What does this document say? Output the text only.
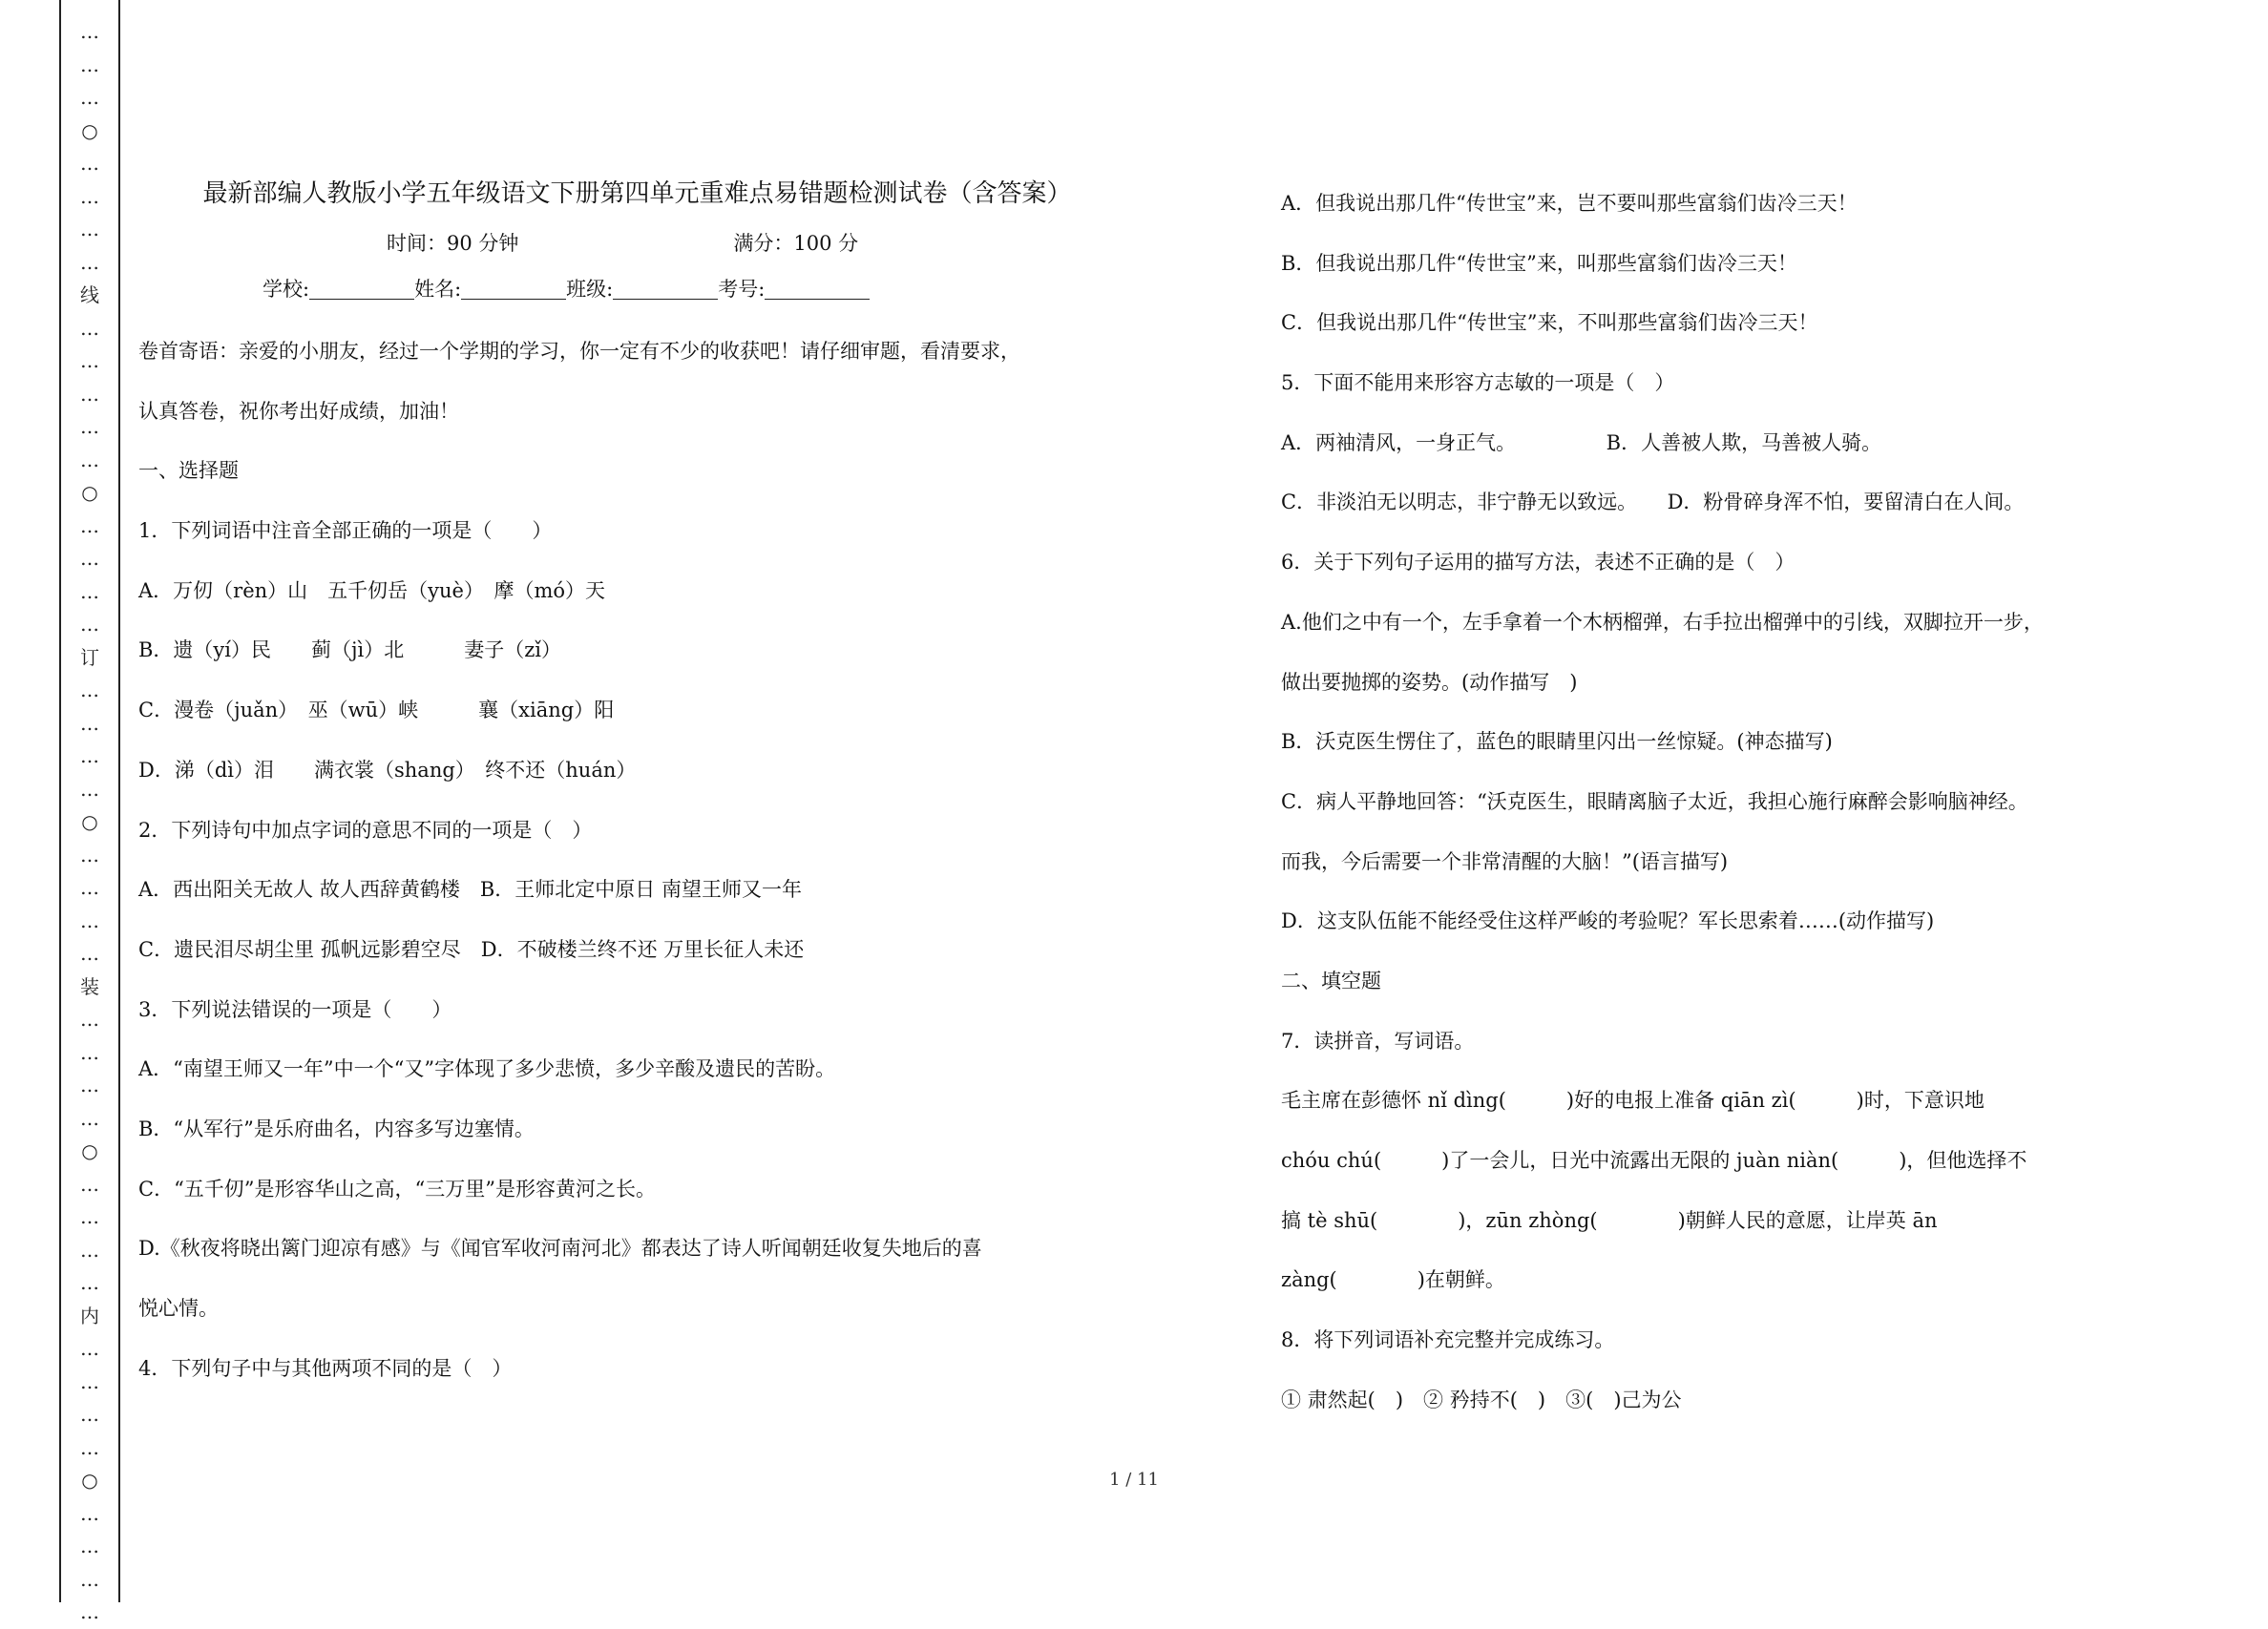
…
…
…
○
…
…
…
…
线
…
…
…
…
…
○
…
…
…
…
订
…
…
…
…
○
…
…
…
…
装
…
…
…
…
○
…
…
…
…
内
…
…
…
…
○
…
…
…
…
最新部编人教版小学五年级语文下册第四单元重难点易错题检测试卷（含答案）
时间：90 分钟	满分：100 分
学校:	姓名:	班级:	考号:
卷首寄语：亲爱的小朋友，经过一个学期的学习，你一定有不少的收获吧！请仔细审题，看清要求，
认真答卷，祝你考出好成绩，加油！
一、选择题
1．下列词语中注音全部正确的一项是（　　）
A．万仞（rèn）山　五千仞岳（yuè）　摩（mó）天
B．遗（yí）民　　蓟（jì）北　　　妻子（zǐ）
C．漫卷（juǎn）　巫（wū）峡　　　襄（xiāng）阳
D．涕（dì）泪　　满衣裳（shang）　终不还（huán）
2．下列诗句中加点字词的意思不同的一项是（　）
A．西出阳关无故人 故人西辞黄鹤楼　B．王师北定中原日 南望王师又一年
C．遗民泪尽胡尘里 孤帆远影碧空尽　D．不破楼兰终不还 万里长征人未还
3．下列说法错误的一项是（　　）
A．“南望王师又一年”中一个“又”字体现了多少悲愤，多少辛酸及遗民的苦盼。
B．“从军行”是乐府曲名，内容多写边塞情。
C．“五千仞”是形容华山之高，“三万里”是形容黄河之长。
D.《秋夜将晓出篱门迎凉有感》与《闻官军收河南河北》都表达了诗人听闻朝廷收复失地后的喜
悦心情。
4．下列句子中与其他两项不同的是（　）
A．但我说出那几件“传世宝”来，岂不要叫那些富翁们齿冷三天！
B．但我说出那几件“传世宝”来，叫那些富翁们齿冷三天！
C．但我说出那几件“传世宝”来，不叫那些富翁们齿冷三天！
5．下面不能用来形容方志敏的一项是（　）
A．两袖清风，一身正气。　　　　　B．人善被人欺，马善被人骑。
C．非淡泊无以明志，非宁静无以致远。　　D．粉骨碎身浑不怕，要留清白在人间。
6．关于下列句子运用的描写方法，表述不正确的是（　）
A.他们之中有一个，左手拿着一个木柄榴弹，右手拉出榴弹中的引线，双脚拉开一步，
做出要抛掷的姿势。(动作描写　)
B．沃克医生愣住了，蓝色的眼睛里闪出一丝惊疑。(神态描写)
C．病人平静地回答：“沃克医生，眼睛离脑子太近，我担心施行麻醉会影响脑神经。
而我，今后需要一个非常清醒的大脑！”(语言描写)
D．这支队伍能不能经受住这样严峻的考验呢？军长思索着……(动作描写)
二、填空题
7．读拼音，写词语。
毛主席在彭德怀 nǐ dìng(　　　)好的电报上准备 qiān zì(　　　)时，下意识地
chóu chú(　　　)了一会儿，日光中流露出无限的 juàn niàn(　　　)，但他选择不
搞 tè shū(　　　　)，zūn zhòng(　　　　)朝鲜人民的意愿，让岸英 ān
zàng(　　　　)在朝鲜。
8．将下列词语补充完整并完成练习。
① 肃然起(　)　② 矜持不(　)　③(　)己为公
1 / 11
